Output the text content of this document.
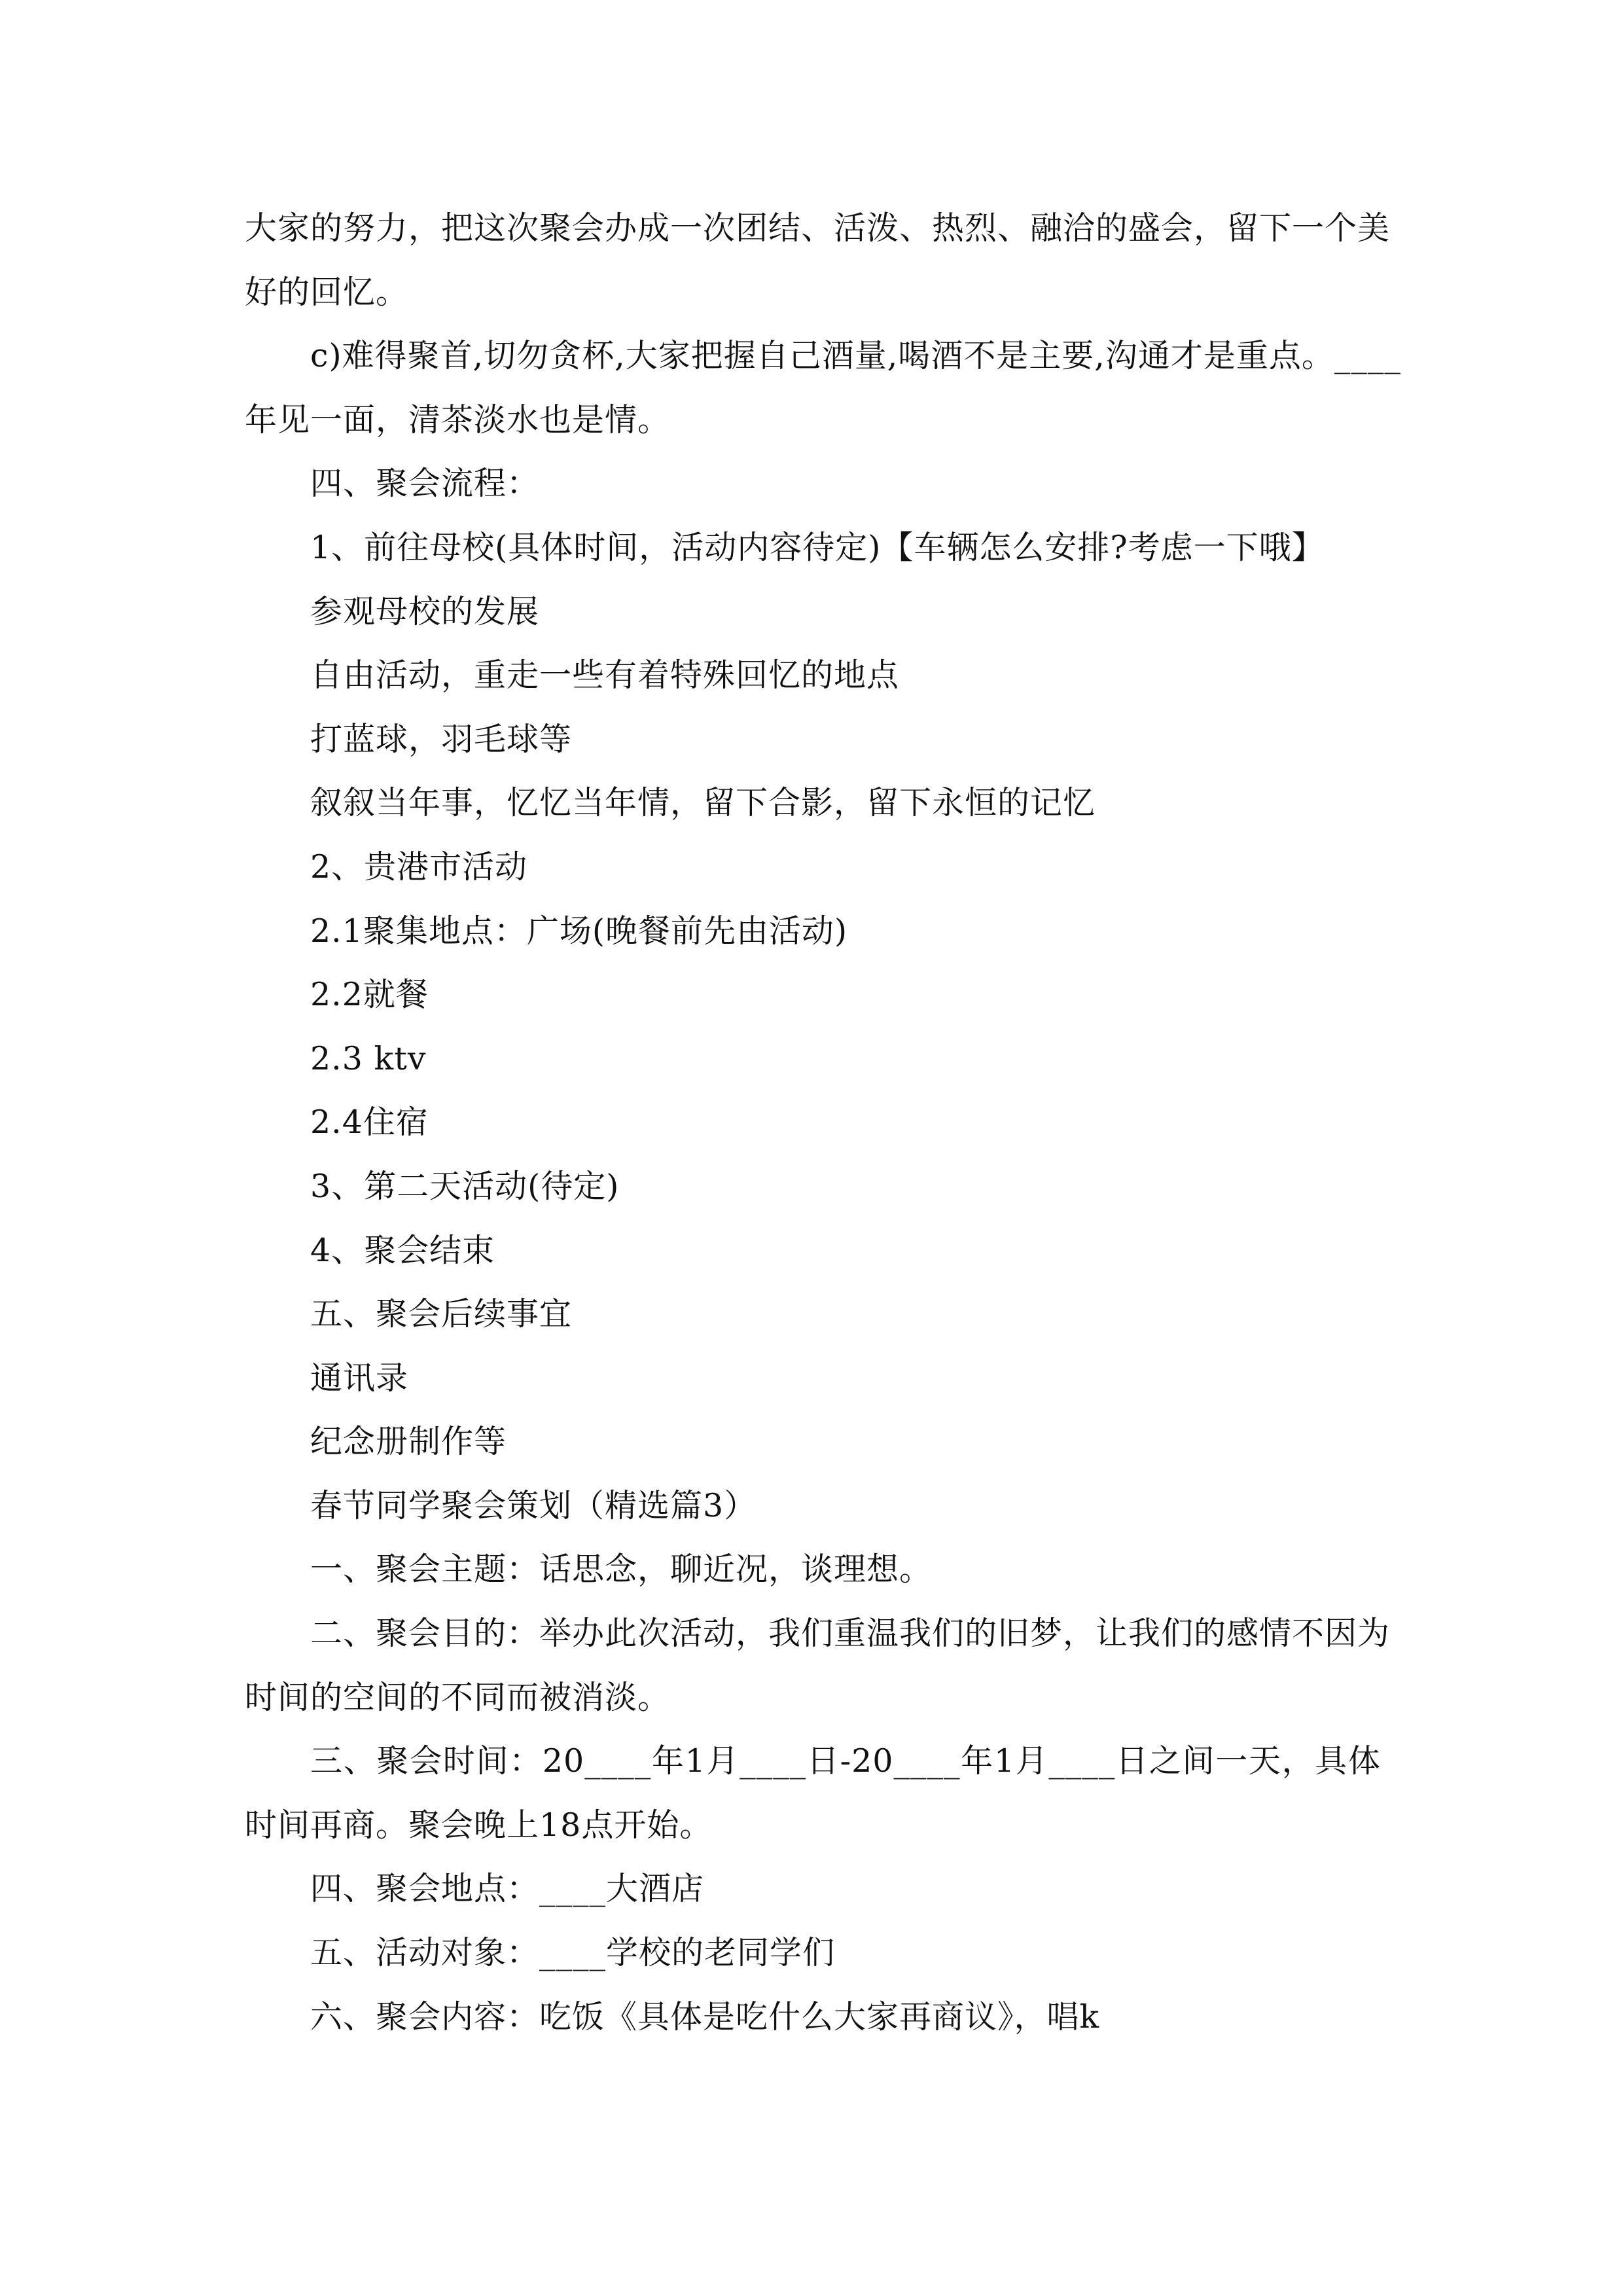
大家的努力，把这次聚会办成一次团结、活泼、热烈、融洽的盛会，留下一个美
好的回忆。
c)难得聚首,切勿贪杯,大家把握自己酒量,喝酒不是主要,沟通才是重点。____
年见一面，清茶淡水也是情。
四、聚会流程：
1、前往母校(具体时间，活动内容待定)【车辆怎么安排?考虑一下哦】
参观母校的发展
自由活动，重走一些有着特殊回忆的地点
打蓝球，羽毛球等
叙叙当年事，忆忆当年情，留下合影，留下永恒的记忆
2、贵港市活动
2.1聚集地点：广场(晚餐前先由活动)
2.2就餐
2.3 ktv
2.4住宿
3、第二天活动(待定)
4、聚会结束
五、聚会后续事宜
通讯录
纪念册制作等
春节同学聚会策划（精选篇3）
一、聚会主题：话思念，聊近况，谈理想。
二、聚会目的：举办此次活动，我们重温我们的旧梦，让我们的感情不因为
时间的空间的不同而被消淡。
三、聚会时间：20____年1月____日-20____年1月____日之间一天，具体
时间再商。聚会晚上18点开始。
四、聚会地点：____大酒店
五、活动对象：____学校的老同学们
六、聚会内容：吃饭《具体是吃什么大家再商议》，唱k
